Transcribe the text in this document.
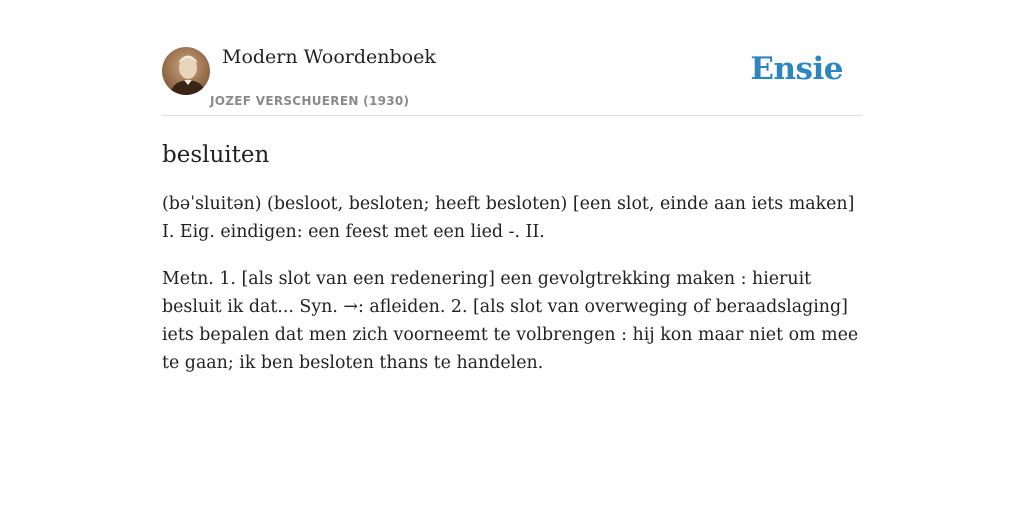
Modern Woordenboek
JOZEF VERSCHUEREN (1930)
Ensie
besluiten

(bəˈsluitən) (besloot, besloten; heeft besloten) [een slot, einde aan iets maken] I. Eig. eindigen: een feest met een lied -. II.

Metn. 1. [als slot van een redenering] een gevolgtrekking maken : hieruit besluit ik dat... Syn. →: afleiden. 2. [als slot van overweging of beraadslaging] iets bepalen dat men zich voorneemt te volbrengen : hij kon maar niet om mee te gaan; ik ben besloten thans te handelen.
